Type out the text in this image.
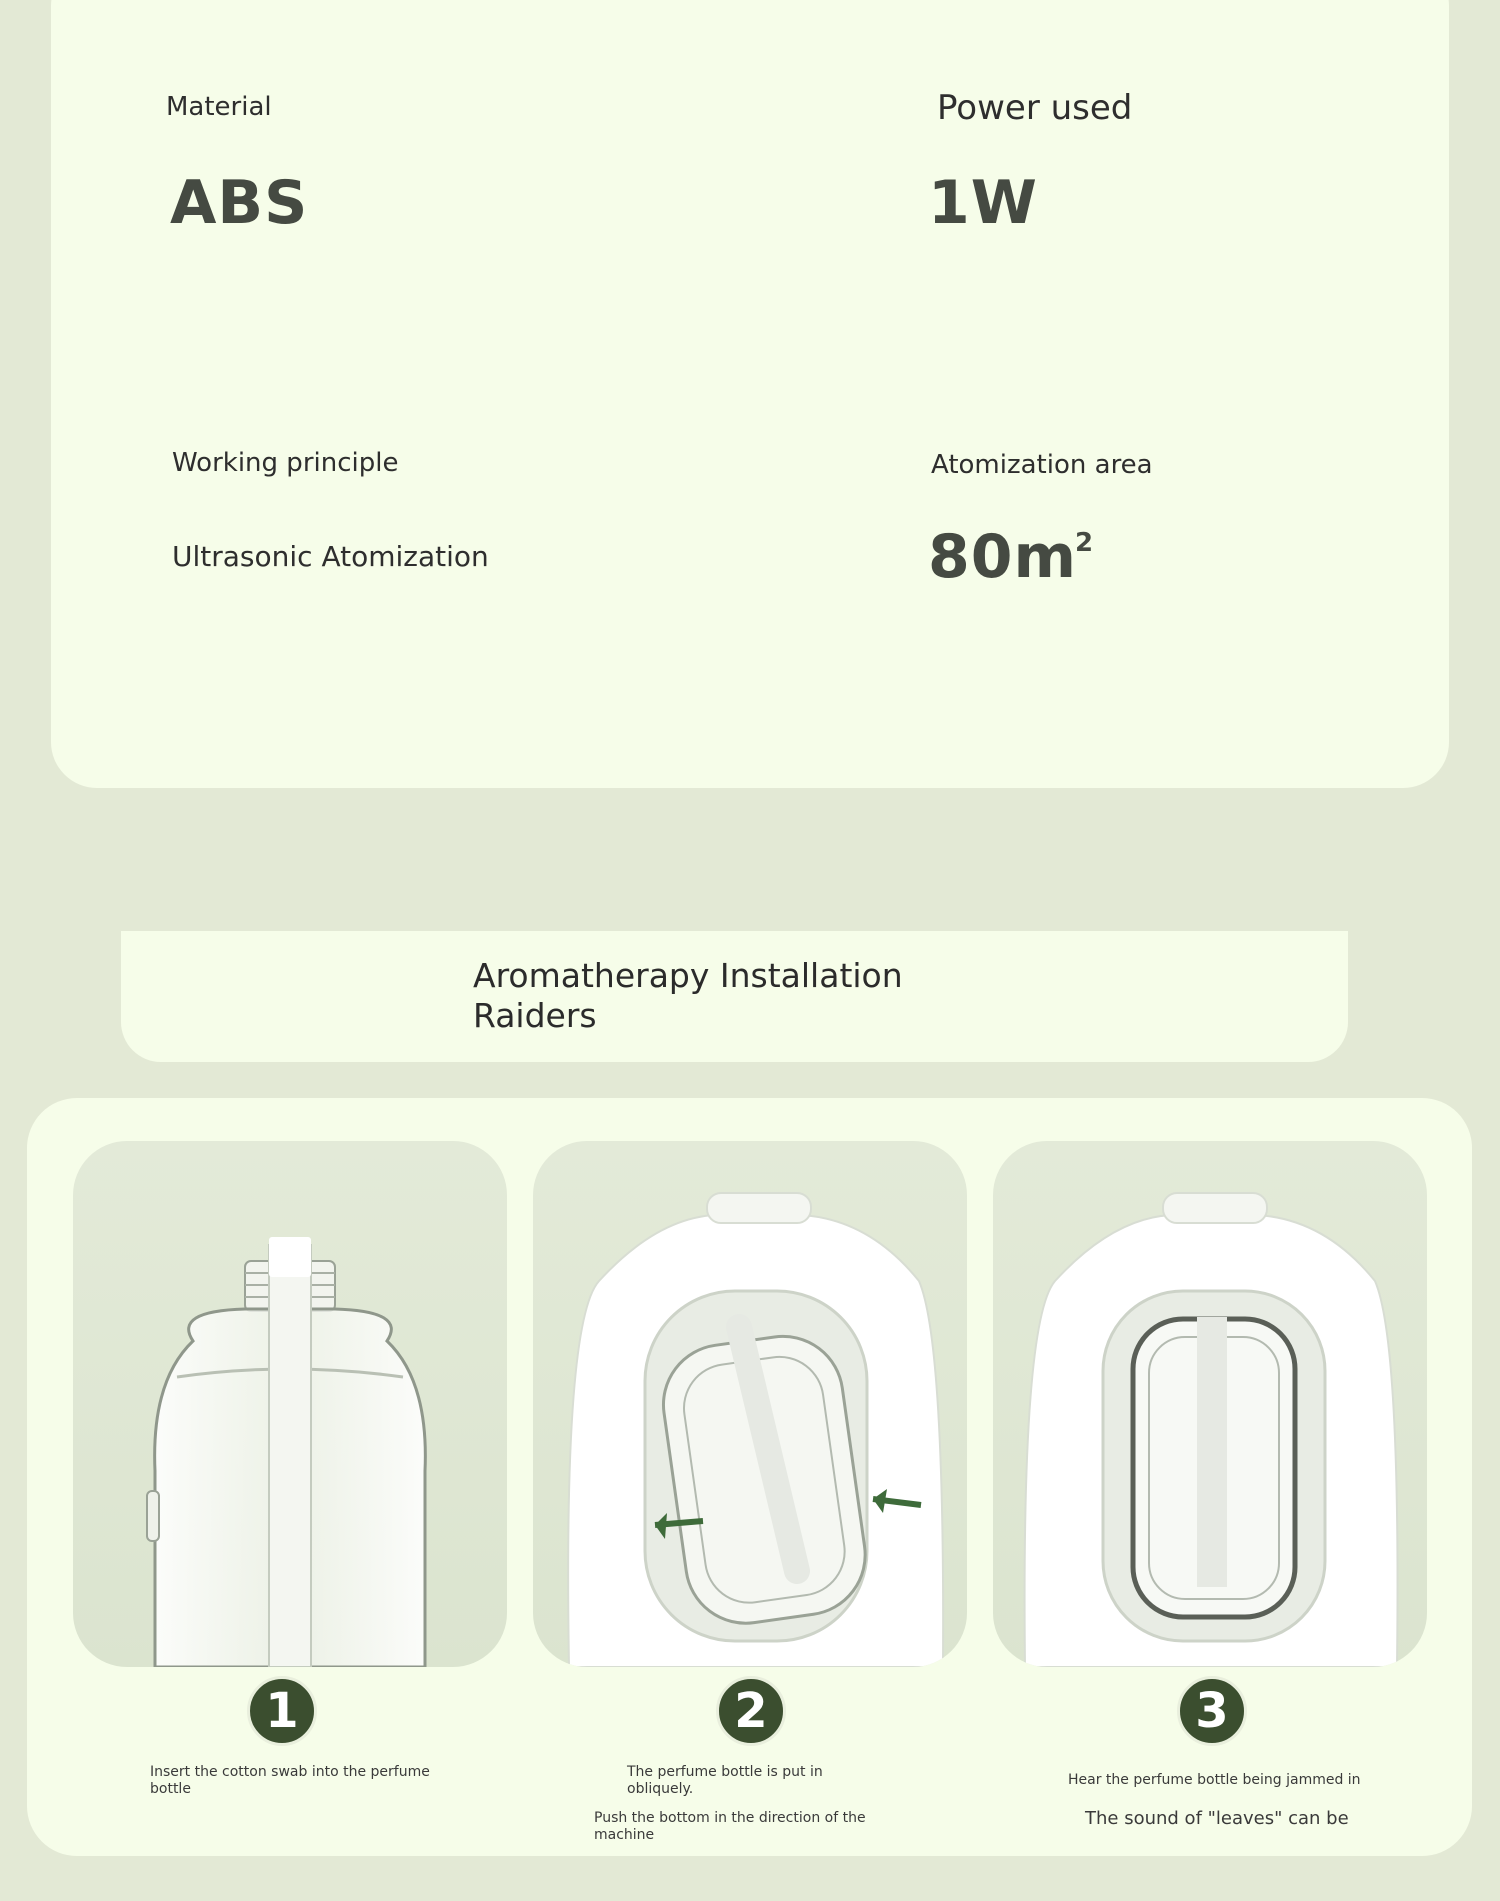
Material

ABS

Power used

1W

Working principle

Ultrasonic Atomization

Atomization area

$80m^2$

Aromatherapy Installation Raiders

1	2	3

Insert the cotton swab into the perfume bottle

The perfume bottle is put in obliquely.

Push the bottom in the direction of the machine

Hear the perfume bottle being jammed in

The sound of "leaves" can be
